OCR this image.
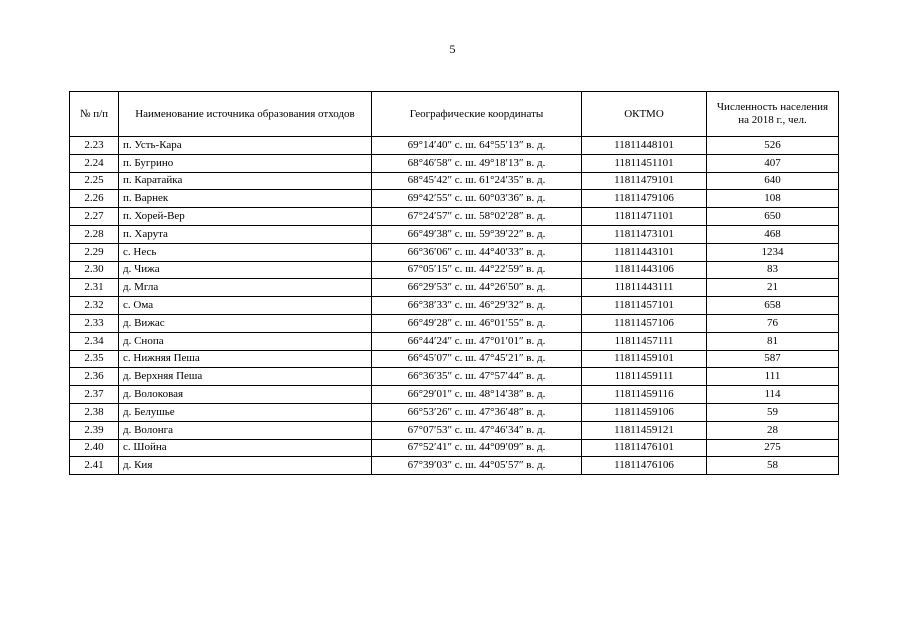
5
№ п/п	Наименование источника образования отходов	Географические координаты	ОКТМО	Численность населения на 2018 г., чел.
2.23	п. Усть-Кара	69°14′40″ с. ш. 64°55′13″ в. д.	11811448101	526
2.24	п. Бугрино	68°46′58″ с. ш. 49°18′13″ в. д.	11811451101	407
2.25	п. Каратайка	68°45′42″ с. ш. 61°24′35″ в. д.	11811479101	640
2.26	п. Варнек	69°42′55″ с. ш. 60°03′36″ в. д.	11811479106	108
2.27	п. Хорей-Вер	67°24′57″ с. ш. 58°02′28″ в. д.	11811471101	650
2.28	п. Харута	66°49′38″ с. ш. 59°39′22″ в. д.	11811473101	468
2.29	с. Несь	66°36′06″ с. ш. 44°40′33″ в. д.	11811443101	1234
2.30	д. Чижа	67°05′15″ с. ш. 44°22′59″ в. д.	11811443106	83
2.31	д. Мгла	66°29′53″ с. ш. 44°26′50″ в. д.	11811443111	21
2.32	с. Ома	66°38′33″ с. ш. 46°29′32″ в. д.	11811457101	658
2.33	д. Вижас	66°49′28″ с. ш. 46°01′55″ в. д.	11811457106	76
2.34	д. Снопа	66°44′24″ с. ш. 47°01′01″ в. д.	11811457111	81
2.35	с. Нижняя Пеша	66°45′07″ с. ш. 47°45′21″ в. д.	11811459101	587
2.36	д. Верхняя Пеша	66°36′35″ с. ш. 47°57′44″ в. д.	11811459111	111
2.37	д. Волоковая	66°29′01″ с. ш. 48°14′38″ в. д.	11811459116	114
2.38	д. Белушье	66°53′26″ с. ш. 47°36′48″ в. д.	11811459106	59
2.39	д. Волонга	67°07′53″ с. ш. 47°46′34″ в. д.	11811459121	28
2.40	с. Шойна	67°52′41″ с. ш. 44°09′09″ в. д.	11811476101	275
2.41	д. Кия	67°39′03″ с. ш. 44°05′57″ в. д.	11811476106	58
